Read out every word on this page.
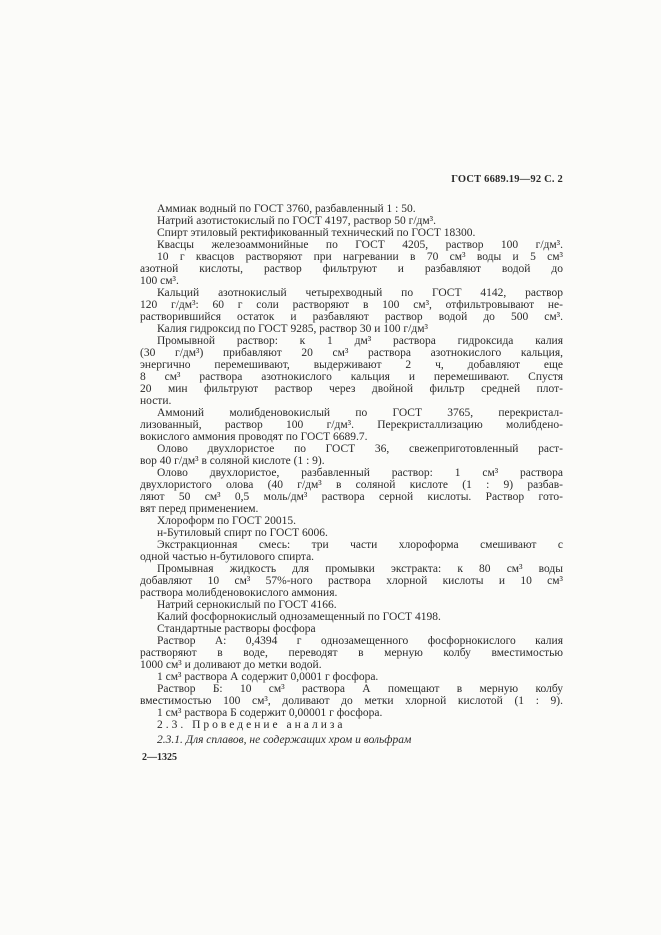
ГОСТ 6689.19—92 С. 2
Аммиак водный по ГОСТ 3760, разбавленный 1 : 50.
Натрий азотистокислый по ГОСТ 4197, раствор 50 г/дм³.
Спирт этиловый ректификованный технический по ГОСТ 18300.
Квасцы железоаммонийные по ГОСТ 4205, раствор 100 г/дм³.
10 г квасцов растворяют при нагревании в 70 см³ воды и 5 см³
азотной кислоты, раствор фильтруют и разбавляют водой до
100 см³.
Кальций азотнокислый четырехводный по ГОСТ 4142, раствор
120 г/дм³: 60 г соли растворяют в 100 см³, отфильтровывают не-
растворившийся остаток и разбавляют раствор водой до 500 см³.
Калия гидроксид по ГОСТ 9285, раствор 30 и 100 г/дм³
Промывной раствор: к 1 дм³ раствора гидроксида калия
(30 г/дм³) прибавляют 20 см³ раствора азотнокислого кальция,
энергично перемешивают, выдерживают 2 ч, добавляют еще
8 см³ раствора азотнокислого кальция и перемешивают. Спустя
20 мин фильтруют раствор через двойной фильтр средней плот-
ности.
Аммоний молибденовокислый по ГОСТ 3765, перекристал-
лизованный, раствор 100 г/дм³. Перекристаллизацию молибдено-
вокислого аммония проводят по ГОСТ 6689.7.
Олово двухлористое по ГОСТ 36, свежеприготовленный раст-
вор 40 г/дм³ в соляной кислоте (1 : 9).
Олово двухлористое, разбавленный раствор: 1 см³ раствора
двухлористого олова (40 г/дм³ в соляной кислоте (1 : 9) разбав-
ляют 50 см³ 0,5 моль/дм³ раствора серной кислоты. Раствор гото-
вят перед применением.
Хлороформ по ГОСТ 20015.
н-Бутиловый спирт по ГОСТ 6006.
Экстракционная смесь: три части хлороформа смешивают с
одной частью н-бутилового спирта.
Промывная жидкость для промывки экстракта: к 80 см³ воды
добавляют 10 см³ 57%-ного раствора хлорной кислоты и 10 см³
раствора молибденовокислого аммония.
Натрий сернокислый по ГОСТ 4166.
Калий фосфорнокислый однозамещенный по ГОСТ 4198.
Стандартные растворы фосфора
Раствор А: 0,4394 г однозамещенного фосфорнокислого калия
растворяют в воде, переводят в мерную колбу вместимостью
1000 см³ и доливают до метки водой.
1 см³ раствора А содержит 0,0001 г фосфора.
Раствор Б: 10 см³ раствора А помещают в мерную колбу
вместимостью 100 см³, доливают до метки хлорной кислотой (1 : 9).
1 см³ раствора Б содержит 0,00001 г фосфора.
2.3. Проведение анализа
2.3.1. Для сплавов, не содержащих хром и вольфрам
2—1325
